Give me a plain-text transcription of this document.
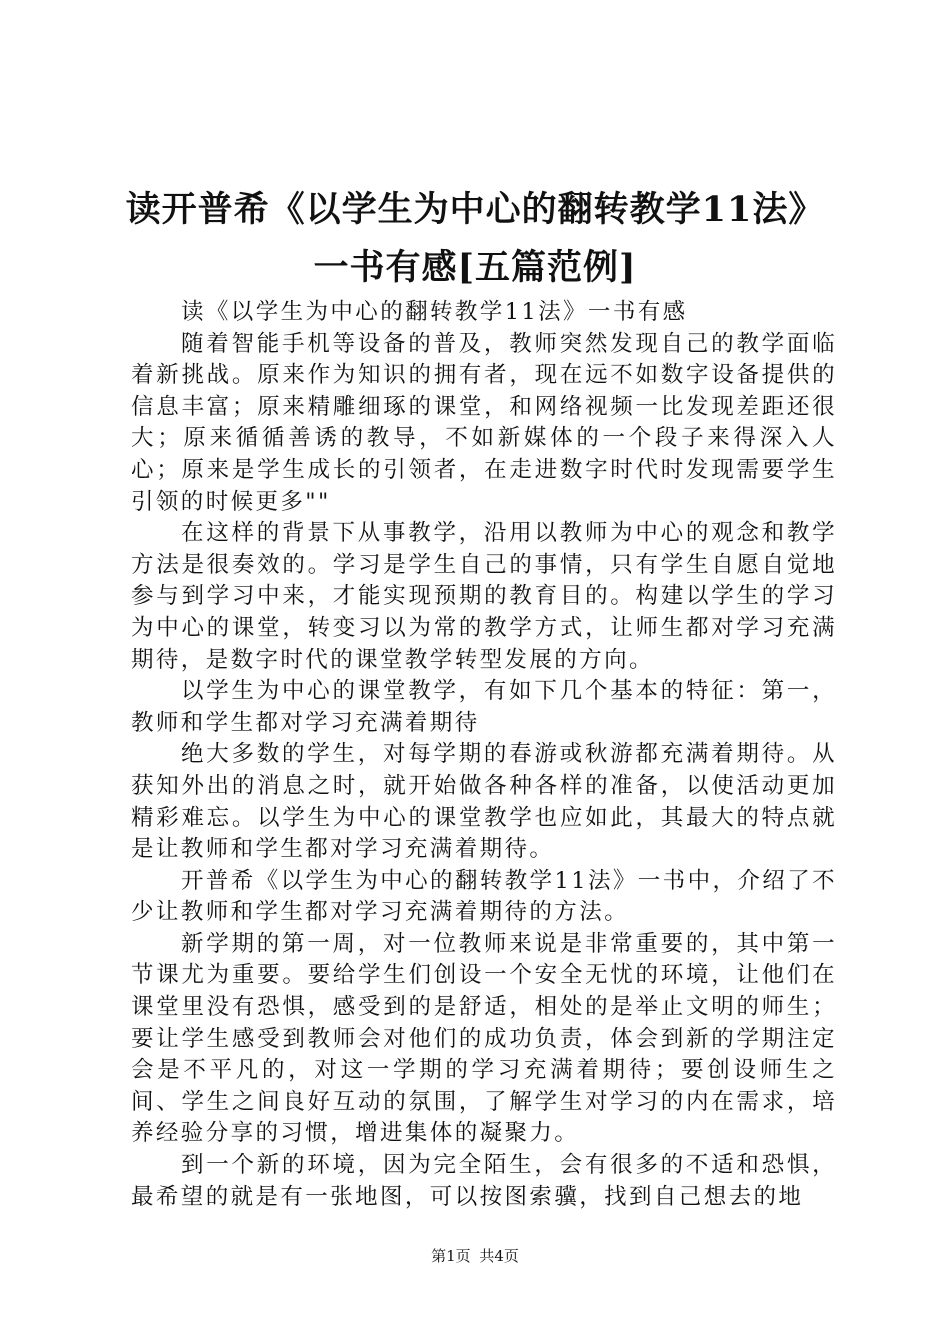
读开普希《以学生为中心的翻转教学11法》
一书有感[五篇范例]

读《以学生为中心的翻转教学11法》一书有感

随着智能手机等设备的普及，教师突然发现自己的教学面临着新挑战。原来作为知识的拥有者，现在远不如数字设备提供的信息丰富；原来精雕细琢的课堂，和网络视频一比发现差距还很大；原来循循善诱的教导，不如新媒体的一个段子来得深入人心；原来是学生成长的引领者，在走进数字时代时发现需要学生引领的时候更多""

在这样的背景下从事教学，沿用以教师为中心的观念和教学方法是很奏效的。学习是学生自己的事情，只有学生自愿自觉地参与到学习中来，才能实现预期的教育目的。构建以学生的学习为中心的课堂，转变习以为常的教学方式，让师生都对学习充满期待，是数字时代的课堂教学转型发展的方向。

以学生为中心的课堂教学，有如下几个基本的特征：第一，教师和学生都对学习充满着期待

绝大多数的学生，对每学期的春游或秋游都充满着期待。从获知外出的消息之时，就开始做各种各样的准备，以使活动更加精彩难忘。以学生为中心的课堂教学也应如此，其最大的特点就是让教师和学生都对学习充满着期待。

开普希《以学生为中心的翻转教学11法》一书中，介绍了不少让教师和学生都对学习充满着期待的方法。

新学期的第一周，对一位教师来说是非常重要的，其中第一节课尤为重要。要给学生们创设一个安全无忧的环境，让他们在课堂里没有恐惧，感受到的是舒适，相处的是举止文明的师生；要让学生感受到教师会对他们的成功负责，体会到新的学期注定会是不平凡的，对这一学期的学习充满着期待；要创设师生之间、学生之间良好互动的氛围，了解学生对学习的内在需求，培养经验分享的习惯，增进集体的凝聚力。

到一个新的环境，因为完全陌生，会有很多的不适和恐惧，最希望的就是有一张地图，可以按图索骥，找到自己想去的地

第1页 共4页
